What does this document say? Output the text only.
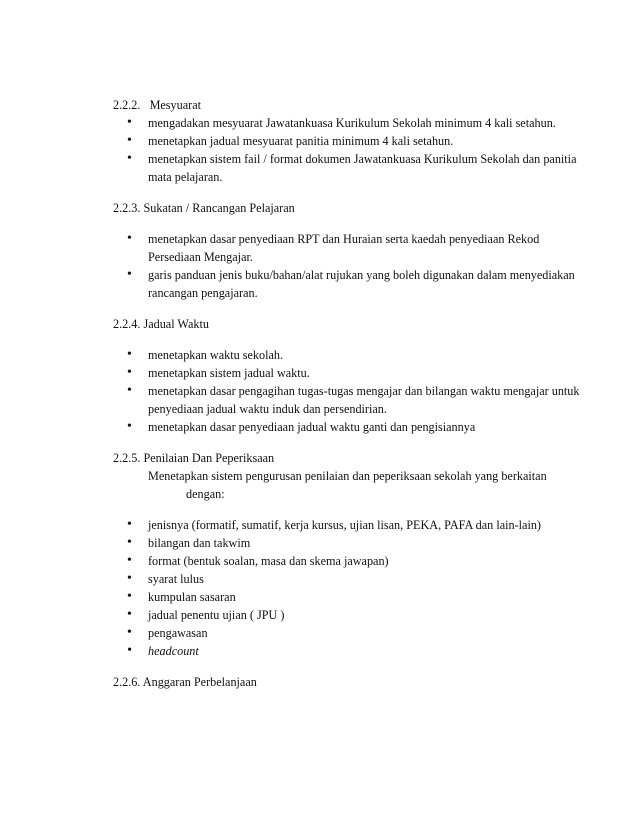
2.2.2.   Mesyuarat

• mengadakan mesyuarat Jawatankuasa Kurikulum Sekolah minimum 4 kali setahun.
• menetapkan jadual mesyuarat panitia minimum 4 kali setahun.
• menetapkan sistem fail / format dokumen Jawatankuasa Kurikulum Sekolah dan panitia mata pelajaran.

2.2.3. Sukatan / Rancangan Pelajaran

• menetapkan dasar penyediaan RPT dan Huraian serta kaedah penyediaan Rekod Persediaan Mengajar.
• garis panduan jenis buku/bahan/alat rujukan yang boleh digunakan dalam menyediakan rancangan pengajaran.

2.2.4. Jadual Waktu

• menetapkan waktu sekolah.
• menetapkan sistem jadual waktu.
• menetapkan dasar pengagihan tugas-tugas mengajar dan bilangan waktu mengajar untuk penyediaan jadual waktu induk dan persendirian.
• menetapkan dasar penyediaan jadual waktu ganti dan pengisiannya

2.2.5. Penilaian Dan Peperiksaan

Menetapkan sistem pengurusan penilaian dan peperiksaan sekolah yang berkaitan
dengan:
• jenisnya (formatif, sumatif, kerja kursus, ujian lisan, PEKA, PAFA dan lain-lain)
• bilangan dan takwim
• format (bentuk soalan, masa dan skema jawapan)
• syarat lulus
• kumpulan sasaran
• jadual penentu ujian ( JPU )
• pengawasan
• headcount

2.2.6. Anggaran Perbelanjaan
